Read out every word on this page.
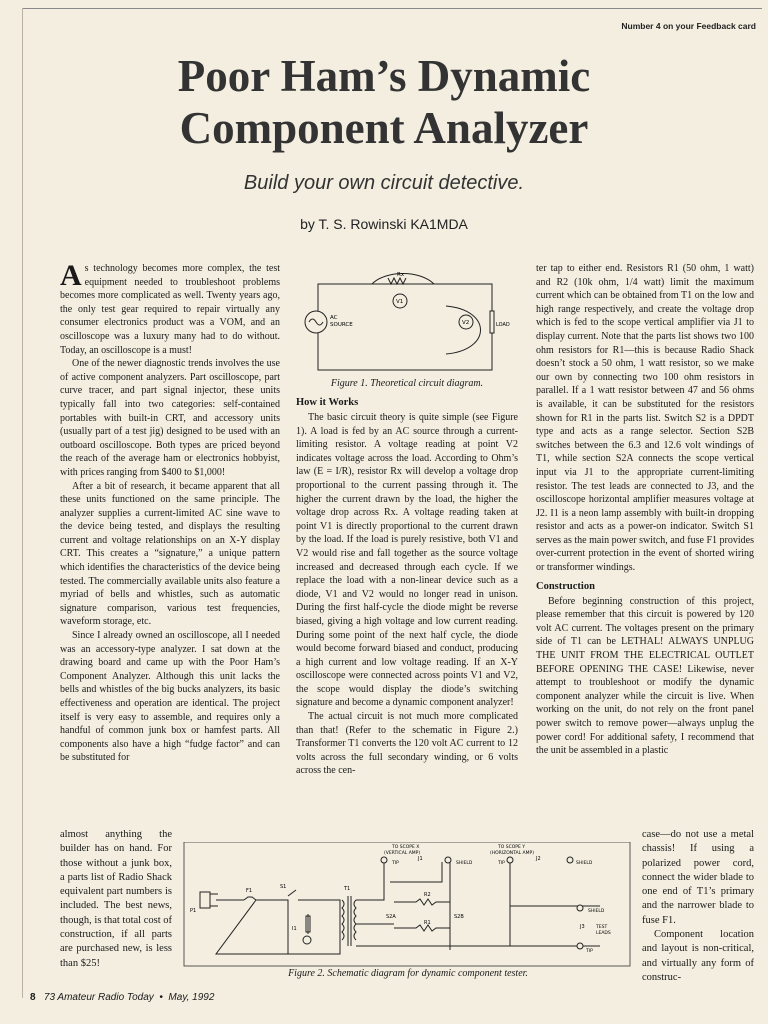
Number 4 on your Feedback card
Poor Ham’s Dynamic
Component Analyzer
Build your own circuit detective.
by T. S. Rowinski KA1MDA

As technology becomes more complex, the test equipment needed to troubleshoot problems becomes more complicated as well. Twenty years ago, the only test gear required to repair virtually any consumer electronics product was a VOM, and an oscilloscope was a luxury many had to do without. Today, an oscilloscope is a must!

One of the newer diagnostic trends involves the use of active component analyzers. Part oscilloscope, part curve tracer, and part signal injector, these units typically fall into two categories: self-contained portables with built-in CRT, and accessory units (usually part of a test jig) designed to be used with an outboard oscilloscope. Both types are priced beyond the reach of the average ham or electronics hobbyist, with prices ranging from $400 to $1,000!

After a bit of research, it became apparent that all these units functioned on the same principle. The analyzer supplies a current-limited AC sine wave to the device being tested, and displays the resulting current and voltage relationships on an X-Y display CRT. This creates a “signature,” a unique pattern which identifies the characteristics of the device being tested. The commercially available units also feature a myriad of bells and whistles, such as automatic signature comparison, various test frequencies, waveform storage, etc.

Since I already owned an oscilloscope, all I needed was an accessory-type analyzer. I sat down at the drawing board and came up with the Poor Ham’s Component Analyzer. Although this unit lacks the bells and whistles of the big bucks analyzers, its basic effectiveness and operation are identical. The project itself is very easy to assemble, and requires only a handful of common junk box or hamfest parts. All components also have a high “fudge factor” and can be substituted for

almost anything the builder has on hand. For those without a junk box, a parts list of Radio Shack equivalent part numbers is included. The best news, though, is that total cost of construction, if all parts are purchased new, is less than $25!

Rx
V1
V2
AC
SOURCE	LOAD
Figure 1. Theoretical circuit diagram.
How it Works

The basic circuit theory is quite simple (see Figure 1). A load is fed by an AC source through a current-limiting resistor. A voltage reading at point V2 indicates voltage across the load. According to Ohm’s law (E = I/R), resistor Rx will develop a voltage drop proportional to the current passing through it. The higher the current drawn by the load, the higher the voltage drop across Rx. A voltage reading taken at point V1 is directly proportional to the current drawn by the load. If the load is purely resistive, both V1 and V2 would rise and fall together as the source voltage increased and decreased through each cycle. If we replace the load with a non-linear device such as a diode, V1 and V2 would no longer read in unison. During the first half-cycle the diode might be reverse biased, giving a high voltage and low current reading. During some point of the next half cycle, the diode would become forward biased and conduct, producing a high current and low voltage reading. If an X-Y oscilloscope were connected across points V1 and V2, the scope would display the diode’s switching signature and become a dynamic component analyzer!

The actual circuit is not much more complicated than that! (Refer to the schematic in Figure 2.) Transformer T1 converts the 120 volt AC current to 12 volts across the full secondary winding, or 6 volts across the cen-

ter tap to either end. Resistors R1 (50 ohm, 1 watt) and R2 (10k ohm, 1/4 watt) limit the maximum current which can be obtained from T1 on the low and high range respectively, and create the voltage drop which is fed to the scope vertical amplifier via J1 to display current. Note that the parts list shows two 100 ohm resistors for R1—this is because Radio Shack doesn’t stock a 50 ohm, 1 watt resistor, so we make our own by connecting two 100 ohm resistors in parallel. If a 1 watt resistor between 47 and 56 ohms is available, it can be substituted for the resistors shown for R1 in the parts list. Switch S2 is a DPDT type and acts as a range selector. Section S2B switches between the 6.3 and 12.6 volt windings of T1, while section S2A connects the scope vertical input via J1 to the appropriate current-limiting resistor. The test leads are connected to J3, and the oscilloscope horizontal amplifier measures voltage at J2. I1 is a neon lamp assembly with built-in dropping resistor and acts as a power-on indicator. Switch S1 serves as the main power switch, and fuse F1 provides over-current protection in the event of shorted wiring or transformer windings.

Construction

Before beginning construction of this project, please remember that this circuit is powered by 120 volt AC current. The voltages present on the primary side of T1 can be LETHAL! ALWAYS UNPLUG THE UNIT FROM THE ELECTRICAL OUTLET BEFORE OPENING THE CASE! Likewise, never attempt to troubleshoot or modify the dynamic component analyzer while the circuit is live. When working on the unit, do not rely on the front panel power switch to remove power—always unplug the power cord! For additional safety, I recommend that the unit be assembled in a plastic

case—do not use a metal chassis! If using a polarized power cord, connect the wider blade to one end of T1’s primary and the narrower blade to fuse F1.

Component location and layout is non-critical, and virtually any form of construc-

TO SCOPE X
(VERTICAL AMP)
TO SCOPE Y
(HORIZONTAL AMP)
J1	J2
J3
TIP	TIP
TIP
SHIELD	SHIELD
SHIELD
F1
S1	T1
I1
P1
R1
R2
S2A	S2B
TEST
LEADS
Figure 2. Schematic diagram for dynamic component tester.
8 73 Amateur Radio Today  •  May, 1992
